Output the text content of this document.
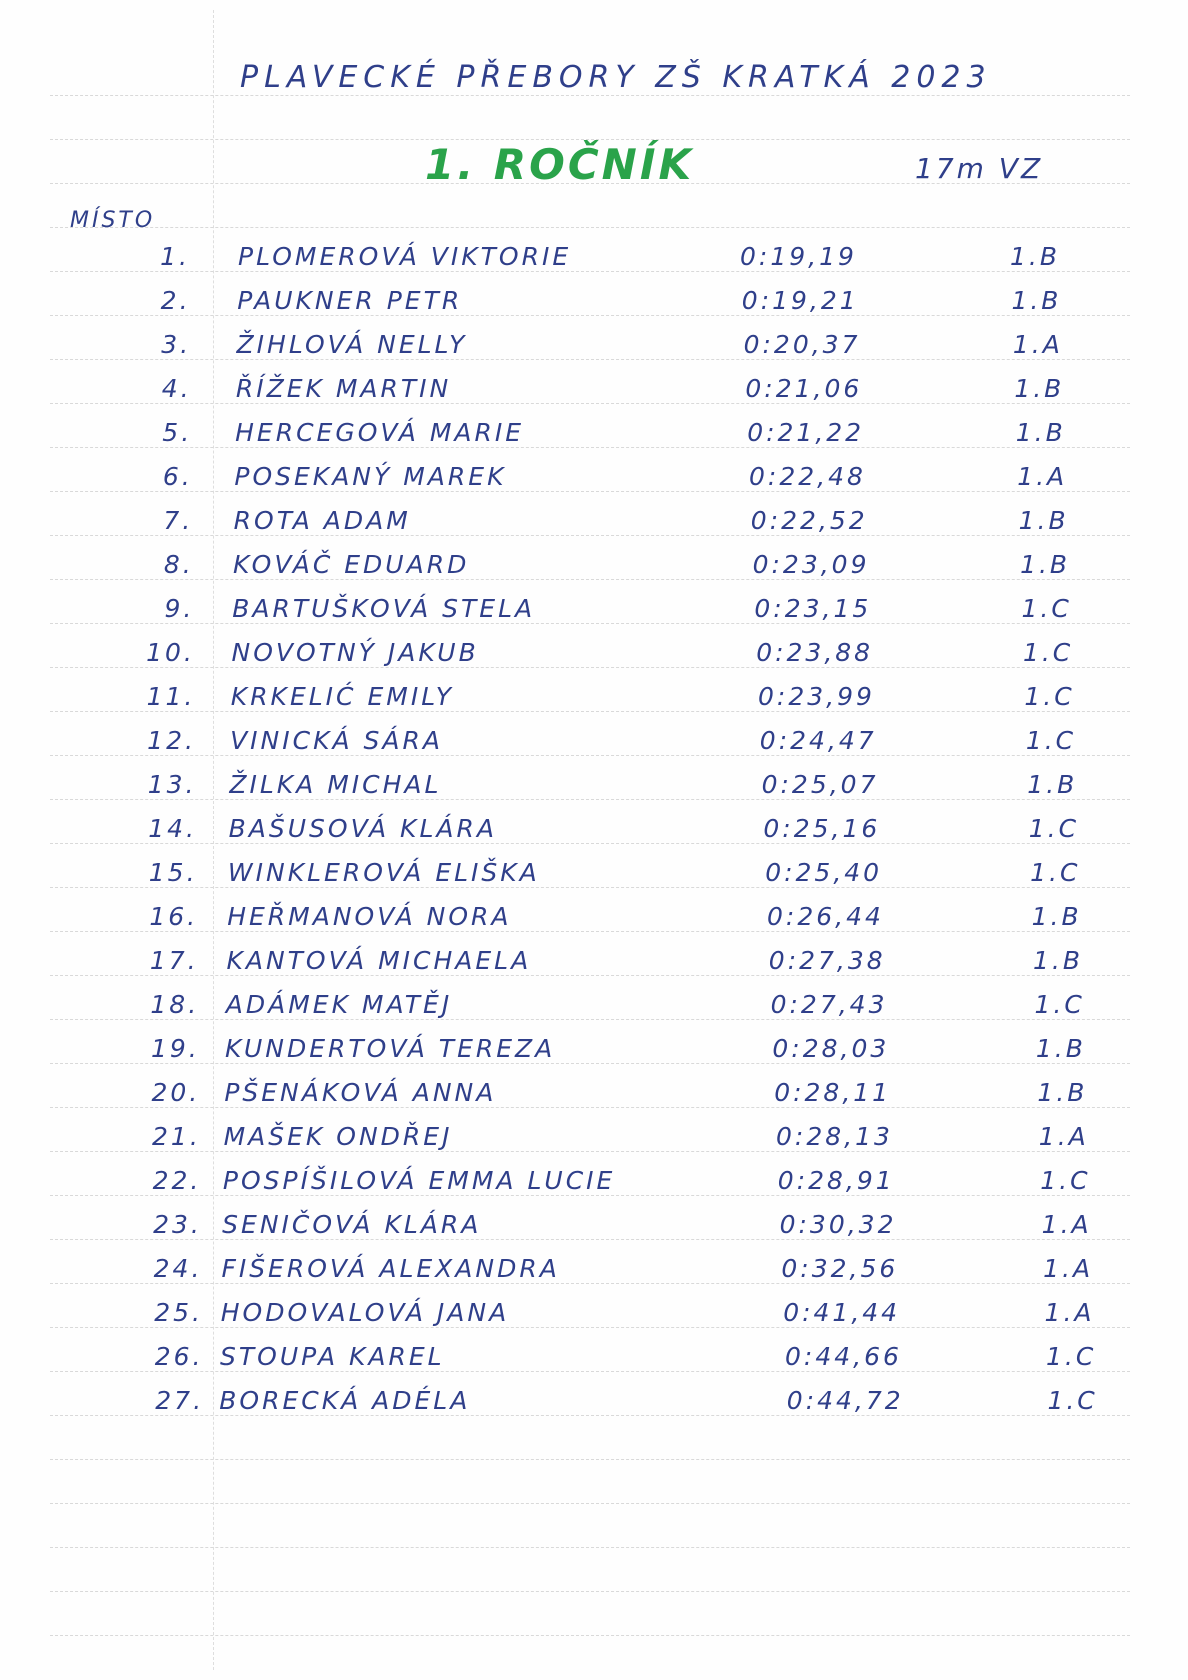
PLAVECKÉ PŘEBORY ZŠ KRATKÁ 2023
1. ROČNÍK	17m VZ
MÍSTO
1. PLOMEROVÁ VIKTORIE	0:19,19	1.B
2. PAUKNER PETR	0:19,21	1.B
3. ŽIHLOVÁ NELLY	0:20,37	1.A
4. ŘÍŽEK MARTIN	0:21,06	1.B
5. HERCEGOVÁ MARIE	0:21,22	1.B
6. POSEKANÝ MAREK	0:22,48	1.A
7. ROTA ADAM	0:22,52	1.B
8. KOVÁČ EDUARD	0:23,09	1.B
9. BARTUŠKOVÁ STELA	0:23,15	1.C
10. NOVOTNÝ JAKUB	0:23,88	1.C
11. KRKELIĆ EMILY	0:23,99	1.C
12. VINICKÁ SÁRA	0:24,47	1.C
13. ŽILKA MICHAL	0:25,07	1.B
14. BAŠUSOVÁ KLÁRA	0:25,16	1.C
15. WINKLEROVÁ ELIŠKA	0:25,40	1.C
16. HEŘMANOVÁ NORA	0:26,44	1.B
17. KANTOVÁ MICHAELA	0:27,38	1.B
18. ADÁMEK MATĚJ	0:27,43	1.C
19. KUNDERTOVÁ TEREZA	0:28,03	1.B
20. PŠENÁKOVÁ ANNA	0:28,11	1.B
21. MAŠEK ONDŘEJ	0:28,13	1.A
22. POSPÍŠILOVÁ EMMA LUCIE	0:28,91	1.C
23. SENIČOVÁ KLÁRA	0:30,32	1.A
24. FIŠEROVÁ ALEXANDRA	0:32,56	1.A
25. HODOVALOVÁ JANA	0:41,44	1.A
26. STOUPA KAREL	0:44,66	1.C
27. BORECKÁ ADÉLA	0:44,72	1.C
